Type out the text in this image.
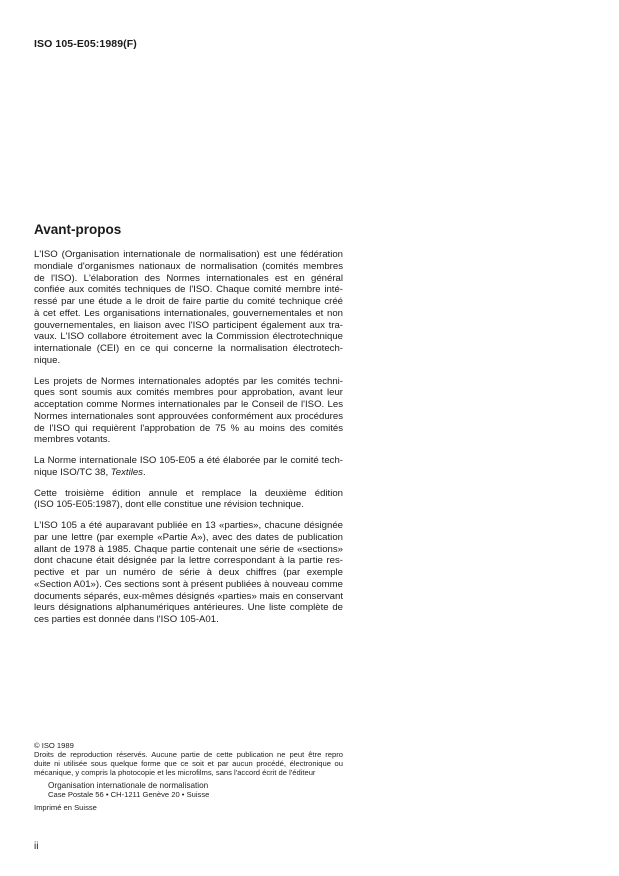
ISO 105-E05:1989(F)
Avant-propos
L'ISO (Organisation internationale de normalisation) est une fédération
mondiale d'organismes nationaux de normalisation (comités membres
de l'ISO). L'élaboration des Normes internationales est en général
confiée aux comités techniques de l'ISO. Chaque comité membre inté-
ressé par une étude a le droit de faire partie du comité technique créé
à cet effet. Les organisations internationales, gouvernementales et non
gouvernementales, en liaison avec l'ISO participent également aux tra-
vaux. L'ISO collabore étroitement avec la Commission électrotechnique
internationale (CEI) en ce qui concerne la normalisation électrotech-
nique.
Les projets de Normes internationales adoptés par les comités techni-
ques sont soumis aux comités membres pour approbation, avant leur
acceptation comme Normes internationales par le Conseil de l'ISO. Les
Normes internationales sont approuvées conformément aux procédures
de l'ISO qui requièrent l'approbation de 75 % au moins des comités
membres votants.
La Norme internationale ISO 105-E05 a été élaborée par le comité tech-
nique ISO/TC 38, Textiles.
Cette troisième édition annule et remplace la deuxième édition
(ISO 105-E05:1987), dont elle constitue une révision technique.
L'ISO 105 a été auparavant publiée en 13 «parties», chacune désignée
par une lettre (par exemple «Partie A»), avec des dates de publication
allant de 1978 à 1985. Chaque partie contenait une série de «sections»
dont chacune était désignée par la lettre correspondant à la partie res-
pective et par un numéro de série à deux chiffres (par exemple
«Section A01»). Ces sections sont à présent publiées à nouveau comme
documents séparés, eux-mêmes désignés «parties» mais en conservant
leurs désignations alphanumériques antérieures. Une liste complète de
ces parties est donnée dans l'ISO 105-A01.
© ISO 1989
Droits de reproduction réservés. Aucune partie de cette publication ne peut être repro
duite ni utilisée sous quelque forme que ce soit et par aucun procédé, électronique ou
mécanique, y compris la photocopie et les microfilms, sans l'accord écrit de l'éditeur
Organisation internationale de normalisation
Case Postale 56 • CH-1211 Genève 20 • Suisse
Imprimé en Suisse
ii
